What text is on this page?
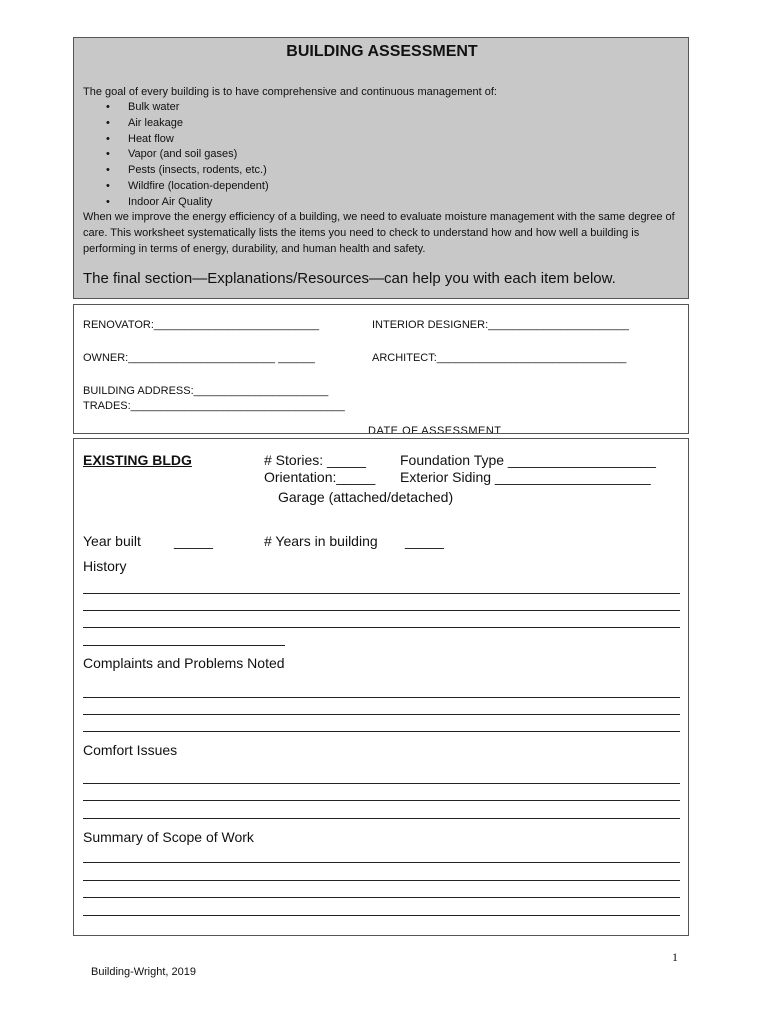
BUILDING ASSESSMENT
The goal of every building is to have comprehensive and continuous management of:
• Bulk water
• Air leakage
• Heat flow
• Vapor (and soil gases)
• Pests (insects, rodents, etc.)
• Wildfire (location-dependent)
• Indoor Air Quality
When we improve the energy efficiency of a building, we need to evaluate moisture management with the same degree of care. This worksheet systematically lists the items you need to check to understand how and how well a building is performing in terms of energy, durability, and human health and safety.
The final section—Explanations/Resources—can help you with each item below.
RENOVATOR:___________________________	INTERIOR DESIGNER:_______________________
OWNER:________________________ ______	ARCHITECT:_______________________________
BUILDING ADDRESS:______________________
TRADES:___________________________________
DATE OF ASSESSMENT
EXISTING BLDG	# Stories: _____ Foundation Type ___________________
Orientation:_____ Exterior Siding ____________________
Garage (attached/detached)
Year built _____	# Years in building _____
History
Complaints and Problems Noted
Comfort Issues
Summary of Scope of Work
1
Building-Wright, 2019
